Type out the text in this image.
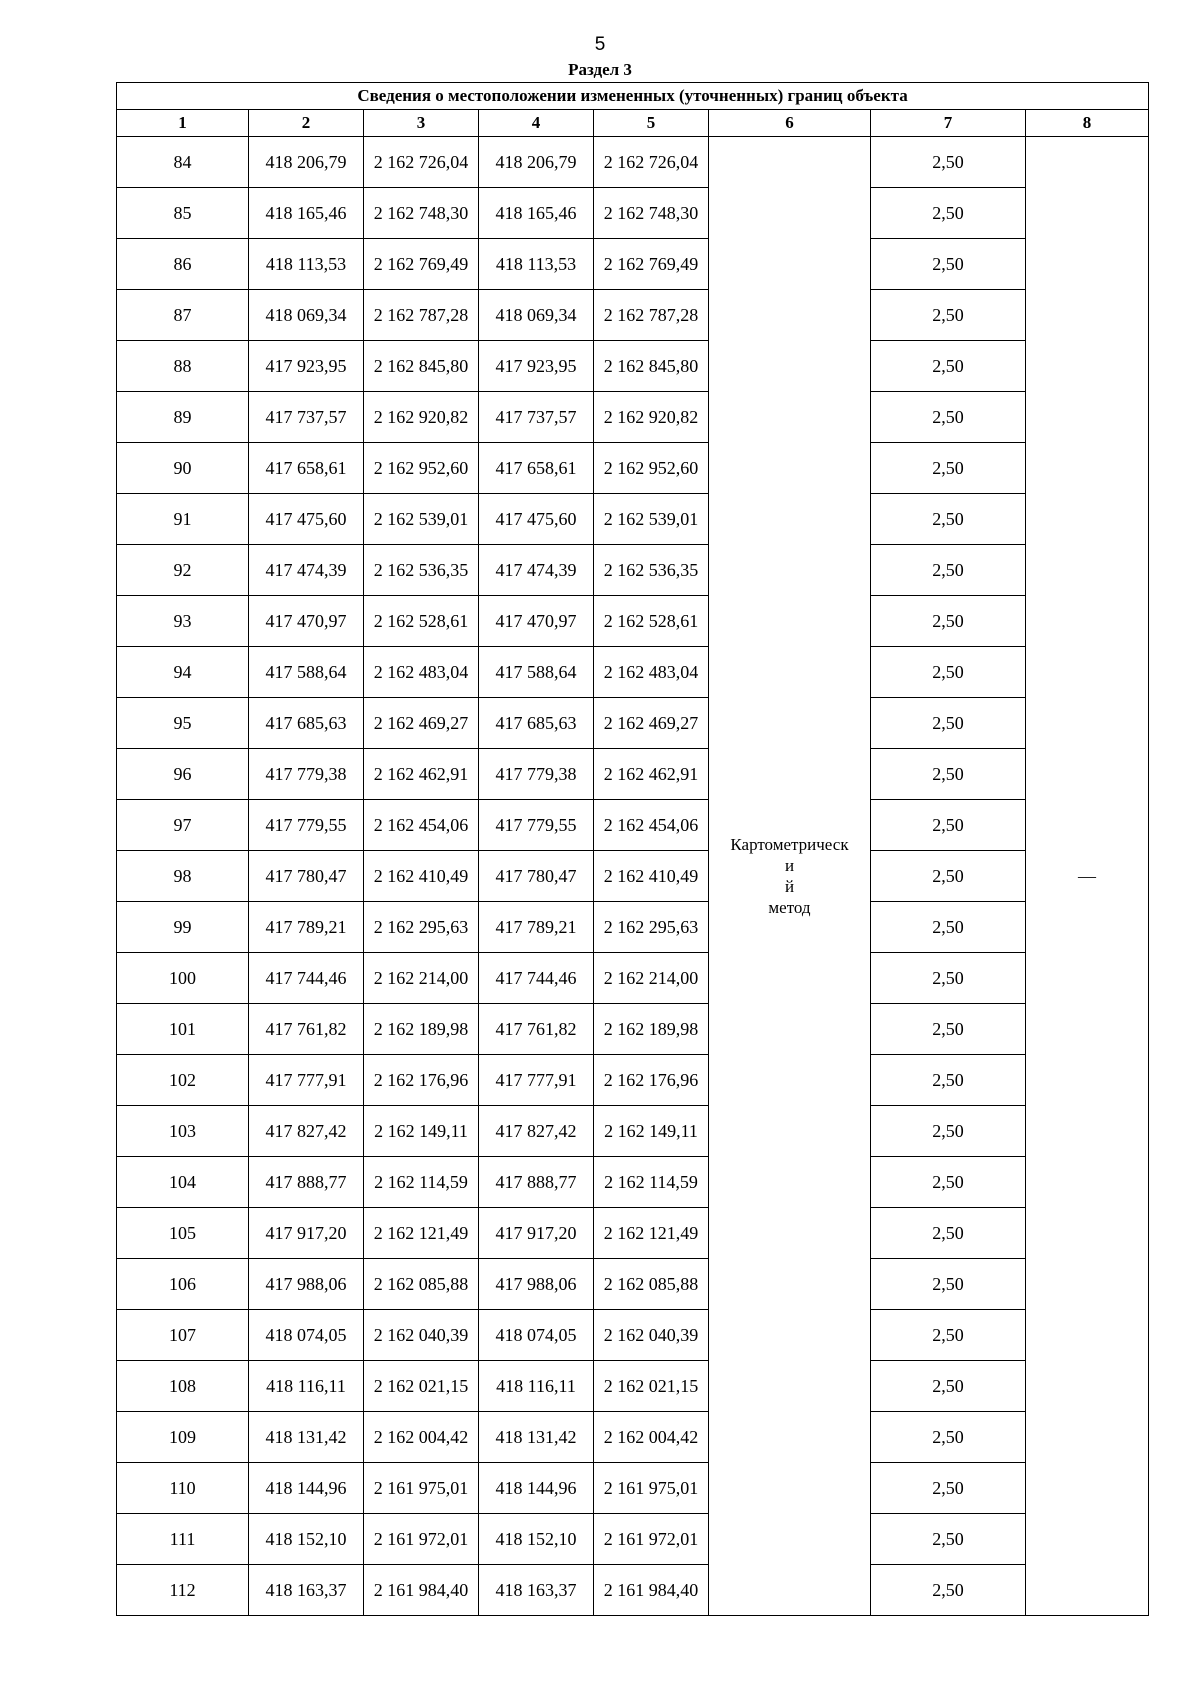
5
Раздел 3
Сведения о местоположении измененных (уточненных) границ объекта							
1	2	3	4	5	6	7	8
84	418 206,79	2 162 726,04	418 206,79	2 162 726,04	Картометрическ
и
й
метод	2,50	—
85	418 165,46	2 162 748,30	418 165,46	2 162 748,30		2,50	
86	418 113,53	2 162 769,49	418 113,53	2 162 769,49		2,50	
87	418 069,34	2 162 787,28	418 069,34	2 162 787,28		2,50	
88	417 923,95	2 162 845,80	417 923,95	2 162 845,80		2,50	
89	417 737,57	2 162 920,82	417 737,57	2 162 920,82		2,50	
90	417 658,61	2 162 952,60	417 658,61	2 162 952,60		2,50	
91	417 475,60	2 162 539,01	417 475,60	2 162 539,01		2,50	
92	417 474,39	2 162 536,35	417 474,39	2 162 536,35		2,50	
93	417 470,97	2 162 528,61	417 470,97	2 162 528,61		2,50	
94	417 588,64	2 162 483,04	417 588,64	2 162 483,04		2,50	
95	417 685,63	2 162 469,27	417 685,63	2 162 469,27		2,50	
96	417 779,38	2 162 462,91	417 779,38	2 162 462,91		2,50	
97	417 779,55	2 162 454,06	417 779,55	2 162 454,06		2,50	
98	417 780,47	2 162 410,49	417 780,47	2 162 410,49		2,50	
99	417 789,21	2 162 295,63	417 789,21	2 162 295,63		2,50	
100	417 744,46	2 162 214,00	417 744,46	2 162 214,00		2,50	
101	417 761,82	2 162 189,98	417 761,82	2 162 189,98		2,50	
102	417 777,91	2 162 176,96	417 777,91	2 162 176,96		2,50	
103	417 827,42	2 162 149,11	417 827,42	2 162 149,11		2,50	
104	417 888,77	2 162 114,59	417 888,77	2 162 114,59		2,50	
105	417 917,20	2 162 121,49	417 917,20	2 162 121,49		2,50	
106	417 988,06	2 162 085,88	417 988,06	2 162 085,88		2,50	
107	418 074,05	2 162 040,39	418 074,05	2 162 040,39		2,50	
108	418 116,11	2 162 021,15	418 116,11	2 162 021,15		2,50	
109	418 131,42	2 162 004,42	418 131,42	2 162 004,42		2,50	
110	418 144,96	2 161 975,01	418 144,96	2 161 975,01		2,50	
111	418 152,10	2 161 972,01	418 152,10	2 161 972,01		2,50	
112	418 163,37	2 161 984,40	418 163,37	2 161 984,40		2,50	
